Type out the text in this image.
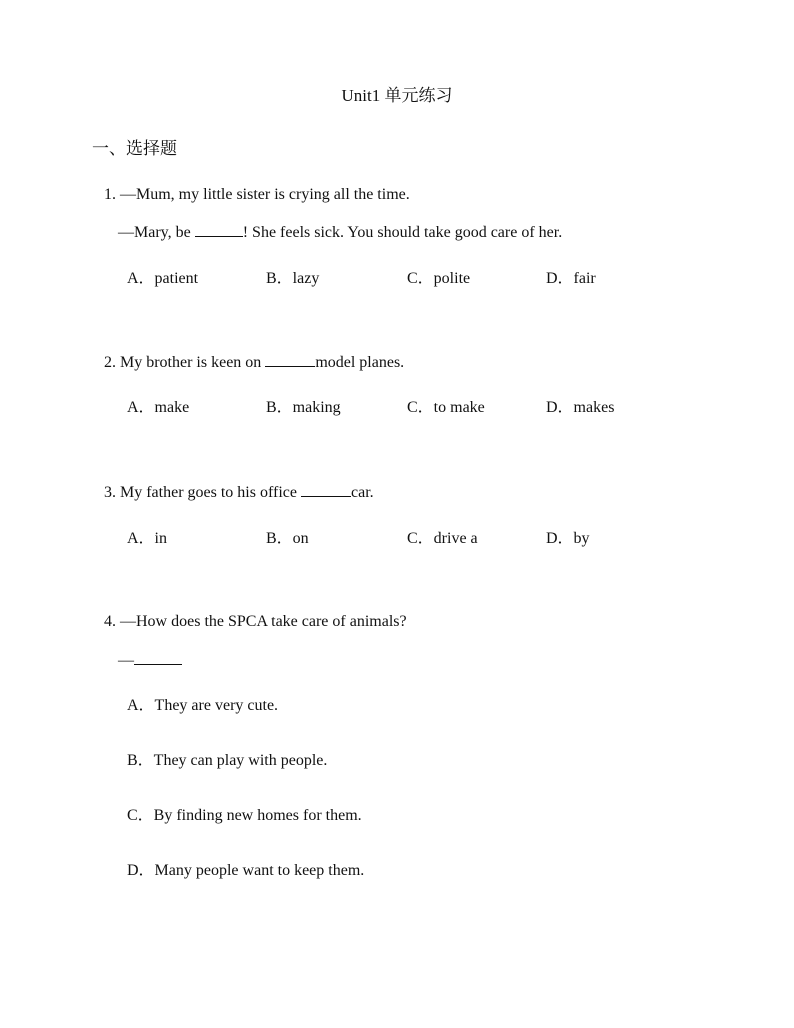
Unit1 单元练习
一、选择题
1. —Mum, my little sister is crying all the time.
—Mary, be	! She feels sick. You should take good care of her.
A．patient	B．lazy	C．polite	D．fair
2. My brother is keen on	model planes.
A．make	B．making	C．to make	D．makes
3. My father goes to his office	car.
A．in	B．on	C．drive a	D．by
4. —How does the SPCA take care of animals?
—
A．They are very cute.
B．They can play with people.
C．By finding new homes for them.
D．Many people want to keep them.
